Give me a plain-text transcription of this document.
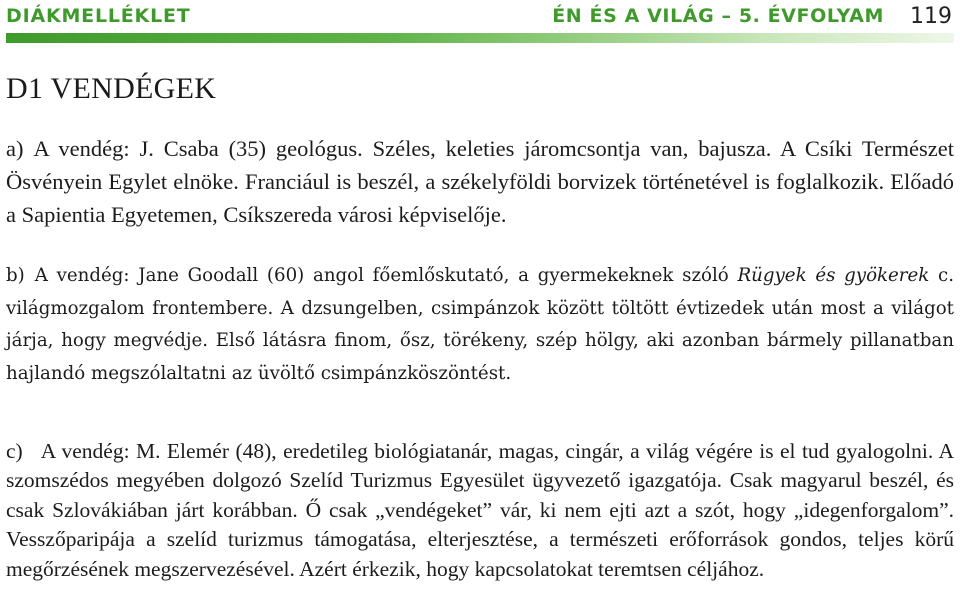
DIÁKMELLÉKLET	ÉN ÉS A VILÁG – 5. ÉVFOLYAM 119
D1 VENDÉGEK

a) A vendég: J. Csaba (35) geológus. Széles, keleties járomcsontja van, bajusza. A Csíki Természet Ösvényein Egylet elnöke. Franciául is beszél, a székelyföldi borvizek történetével is foglalkozik. Előadó a Sapientia Egyetemen, Csíkszereda városi képviselője.

b) A vendég: Jane Goodall (60) angol főemlőskutató, a gyermekeknek szóló Rügyek és gyökerek c. világmozgalom frontembere. A dzsungelben, csimpánzok között töltött évtizedek után most a világot járja, hogy megvédje. Első látásra finom, ősz, törékeny, szép hölgy, aki azonban bármely pillanatban hajlandó megszólaltatni az üvöltő csimpánzköszöntést.

c) A vendég: M. Elemér (48), eredetileg biológiatanár, magas, cingár, a világ végére is el tud gyalogolni. A szomszédos megyében dolgozó Szelíd Turizmus Egyesület ügyvezető igazgatója. Csak magyarul beszél, és csak Szlovákiában járt korábban. Ő csak „vendégeket” vár, ki nem ejti azt a szót, hogy „idegenforgalom”. Vesszőparipája a szelíd turizmus támogatása, elterjesztése, a természeti erőforrások gondos, teljes körű megőrzésének megszervezésével. Azért érkezik, hogy kapcsolatokat teremtsen céljához.
